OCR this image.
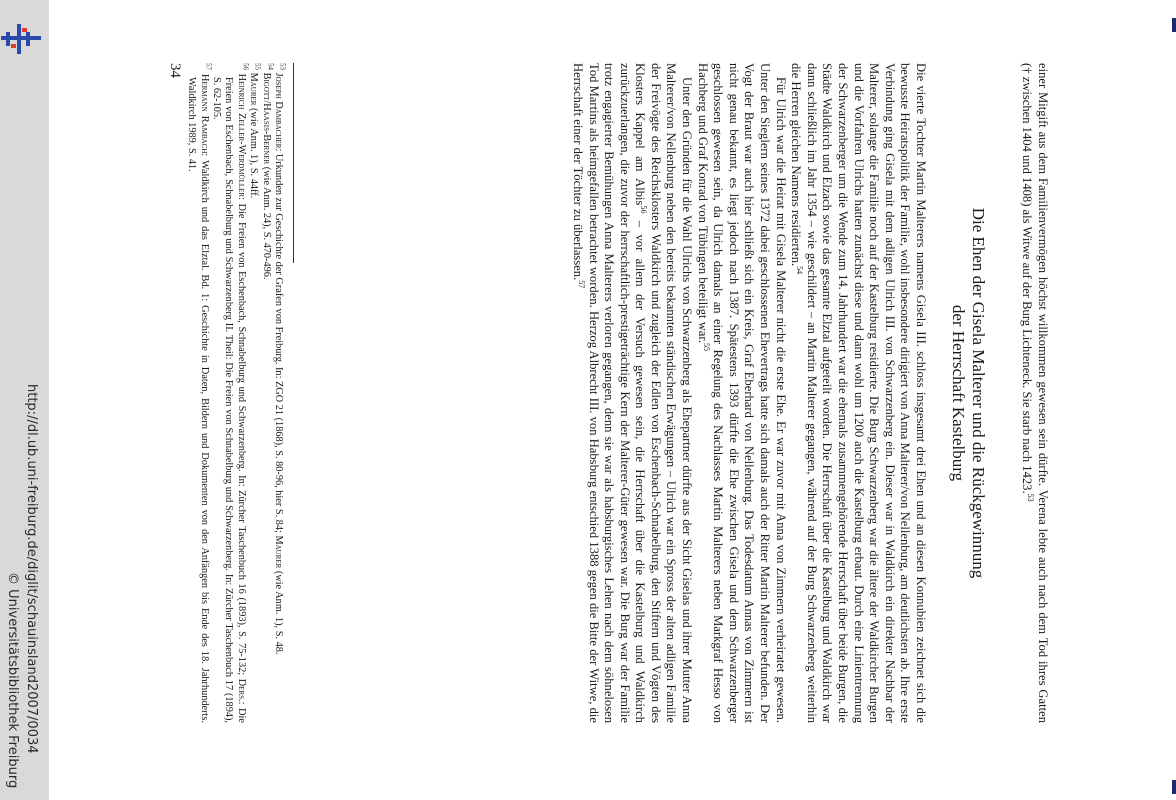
http://dl.ub.uni-freiburg.de/diglit/schauinsland2007/0034
© Universitätsbibliothek Freiburg	einer Mitgift aus dem Familienvermögen höchst willkommen gewesen sein dürfte. Verena lebte auch nach dem Tod ihres Gatten († zwischen 1404 und 1408) als Witwe auf der Burg Lichteneck. Sie starb nach 1423.53

Die Ehen der Gisela Malterer und die Rückgewinnung
der Herrschaft Kastelburg

Die vierte Tochter Martin Malterers namens Gisela III. schloss insgesamt drei Ehen und an diesen Konnubien zeichnet sich die bewusste Heiratspolitik der Familie, wohl insbesondere dirigiert von Anna Malterer/von Nellenburg, am deutlichsten ab. Ihre erste Verbindung ging Gisela mit dem adligen Ulrich III. von Schwarzenberg ein. Dieser war in Waldkirch ein direkter Nachbar der Malterer, solange die Familie noch auf der Kastelburg residierte. Die Burg Schwarzenberg war die ältere der Waldkircher Burgen und die Vorfahren Ulrichs hatten zunächst diese und dann wohl um 1200 auch die Kastelburg erbaut. Durch eine Linientrennung der Schwarzenberger um die Wende zum 14. Jahrhundert war die ehemals zusammengehörende Herrschaft über beide Burgen, die Städte Waldkirch und Elzach sowie das gesamte Elztal aufgeteilt worden. Die Herrschaft über die Kastelburg und Waldkirch war dann schließlich im Jahr 1354 – wie geschildert – an Martin Malterer gegangen, während auf der Burg Schwarzenberg weiterhin die Herren gleichen Namens residierten.$^{54}$

Für Ulrich war die Heirat mit Gisela Malterer nicht die erste Ehe. Er war zuvor mit Anna von Zimmern verheiratet gewesen. Unter den Sieglern seines 1372 dabei geschlossenen Ehevertrags hatte sich damals auch der Ritter Martin Malterer befunden. Der Vogt der Braut war auch hier schließt sich ein Kreis, Graf Eberhard von Nellenburg. Das Todesdatum Annas von Zimmern ist nicht genau bekannt, es liegt jedoch nach 1387. Spätestens 1393 dürfte die Ehe zwischen Gisela und dem Schwarzenberger geschlossen gewesen sein, da Ulrich damals an einer Regelung des Nachlasses Martin Malterers neben Markgraf Hesso von Hachberg und Graf Konrad von Tübingen beteiligt war.$^{55}$

Unter den Gründen für die Wahl Ulrichs von Schwarzenberg als Ehepartner dürfte aus der Sicht Giselas und ihrer Mutter Anna Malterer/von Nellenburg neben den bereits bekannten ständischen Erwägungen – Ulrich war ein Spross der alten adligen Familie der Freivögte des Reichsklosters Waldkirch und zugleich der Edlen von Eschenbach-Schnabelburg, den Stiftern und Vögten des Klosters Kappel am Albis$^{56}$ – vor allem der Versuch gewesen sein, die Herrschaft über die Kastelburg und Waldkirch zurückzuerlangen, die zuvor der herrschaftlich-prestigeträchtige Kern der Malterer-Güter gewesen war. Die Burg war der Familie trotz engagierter Bemühungen Anna Malterers verloren gegangen, denn sie war als habsburgisches Lehen nach dem söhnelosen Tod Martins als heimgefallen betrachtet worden. Herzog Albrecht III. von Habsburg entschied 1388 gegen die Bitte der Witwe, die Herrschaft einer der Töchter zu überlassen.$^{57}$

$^{53}$ Joseph Dambacher: Urkunden zur Geschichte der Grafen von Freiburg. In: ZGO 21 (1868), S. 80-96, hier S. 84; Maurer (wie Anm. 1), S. 48.

$^{54}$ Bigott/Haasis-Berner (wie Anm. 24), S. 470-496.

$^{55}$ Maurer (wie Anm. 1), S. 44ff.

$^{56}$ Heinrich Zeller-Werdmüller: Die Freien von Eschenbach, Schnabelburg und Schwarzenberg. In: Zürcher Taschenbuch 16 (1893), S. 75-132; Ders.: Die Freien von Eschenbach, Schnabelburg und Schwarzenberg II. Theil: Die Freien von Schnabelburg und Schwarzenberg. In: Zürcher Taschenbuch 17 (1894), S. 62-105.

$^{57}$ Hermann Rambach: Waldkirch und das Elztal. Bd. 1: Geschichte in Daten, Bildern und Dokumenten von den Anfängen bis Ende des 18. Jahrhunderts. Waldkirch 1989, S. 41.

34
